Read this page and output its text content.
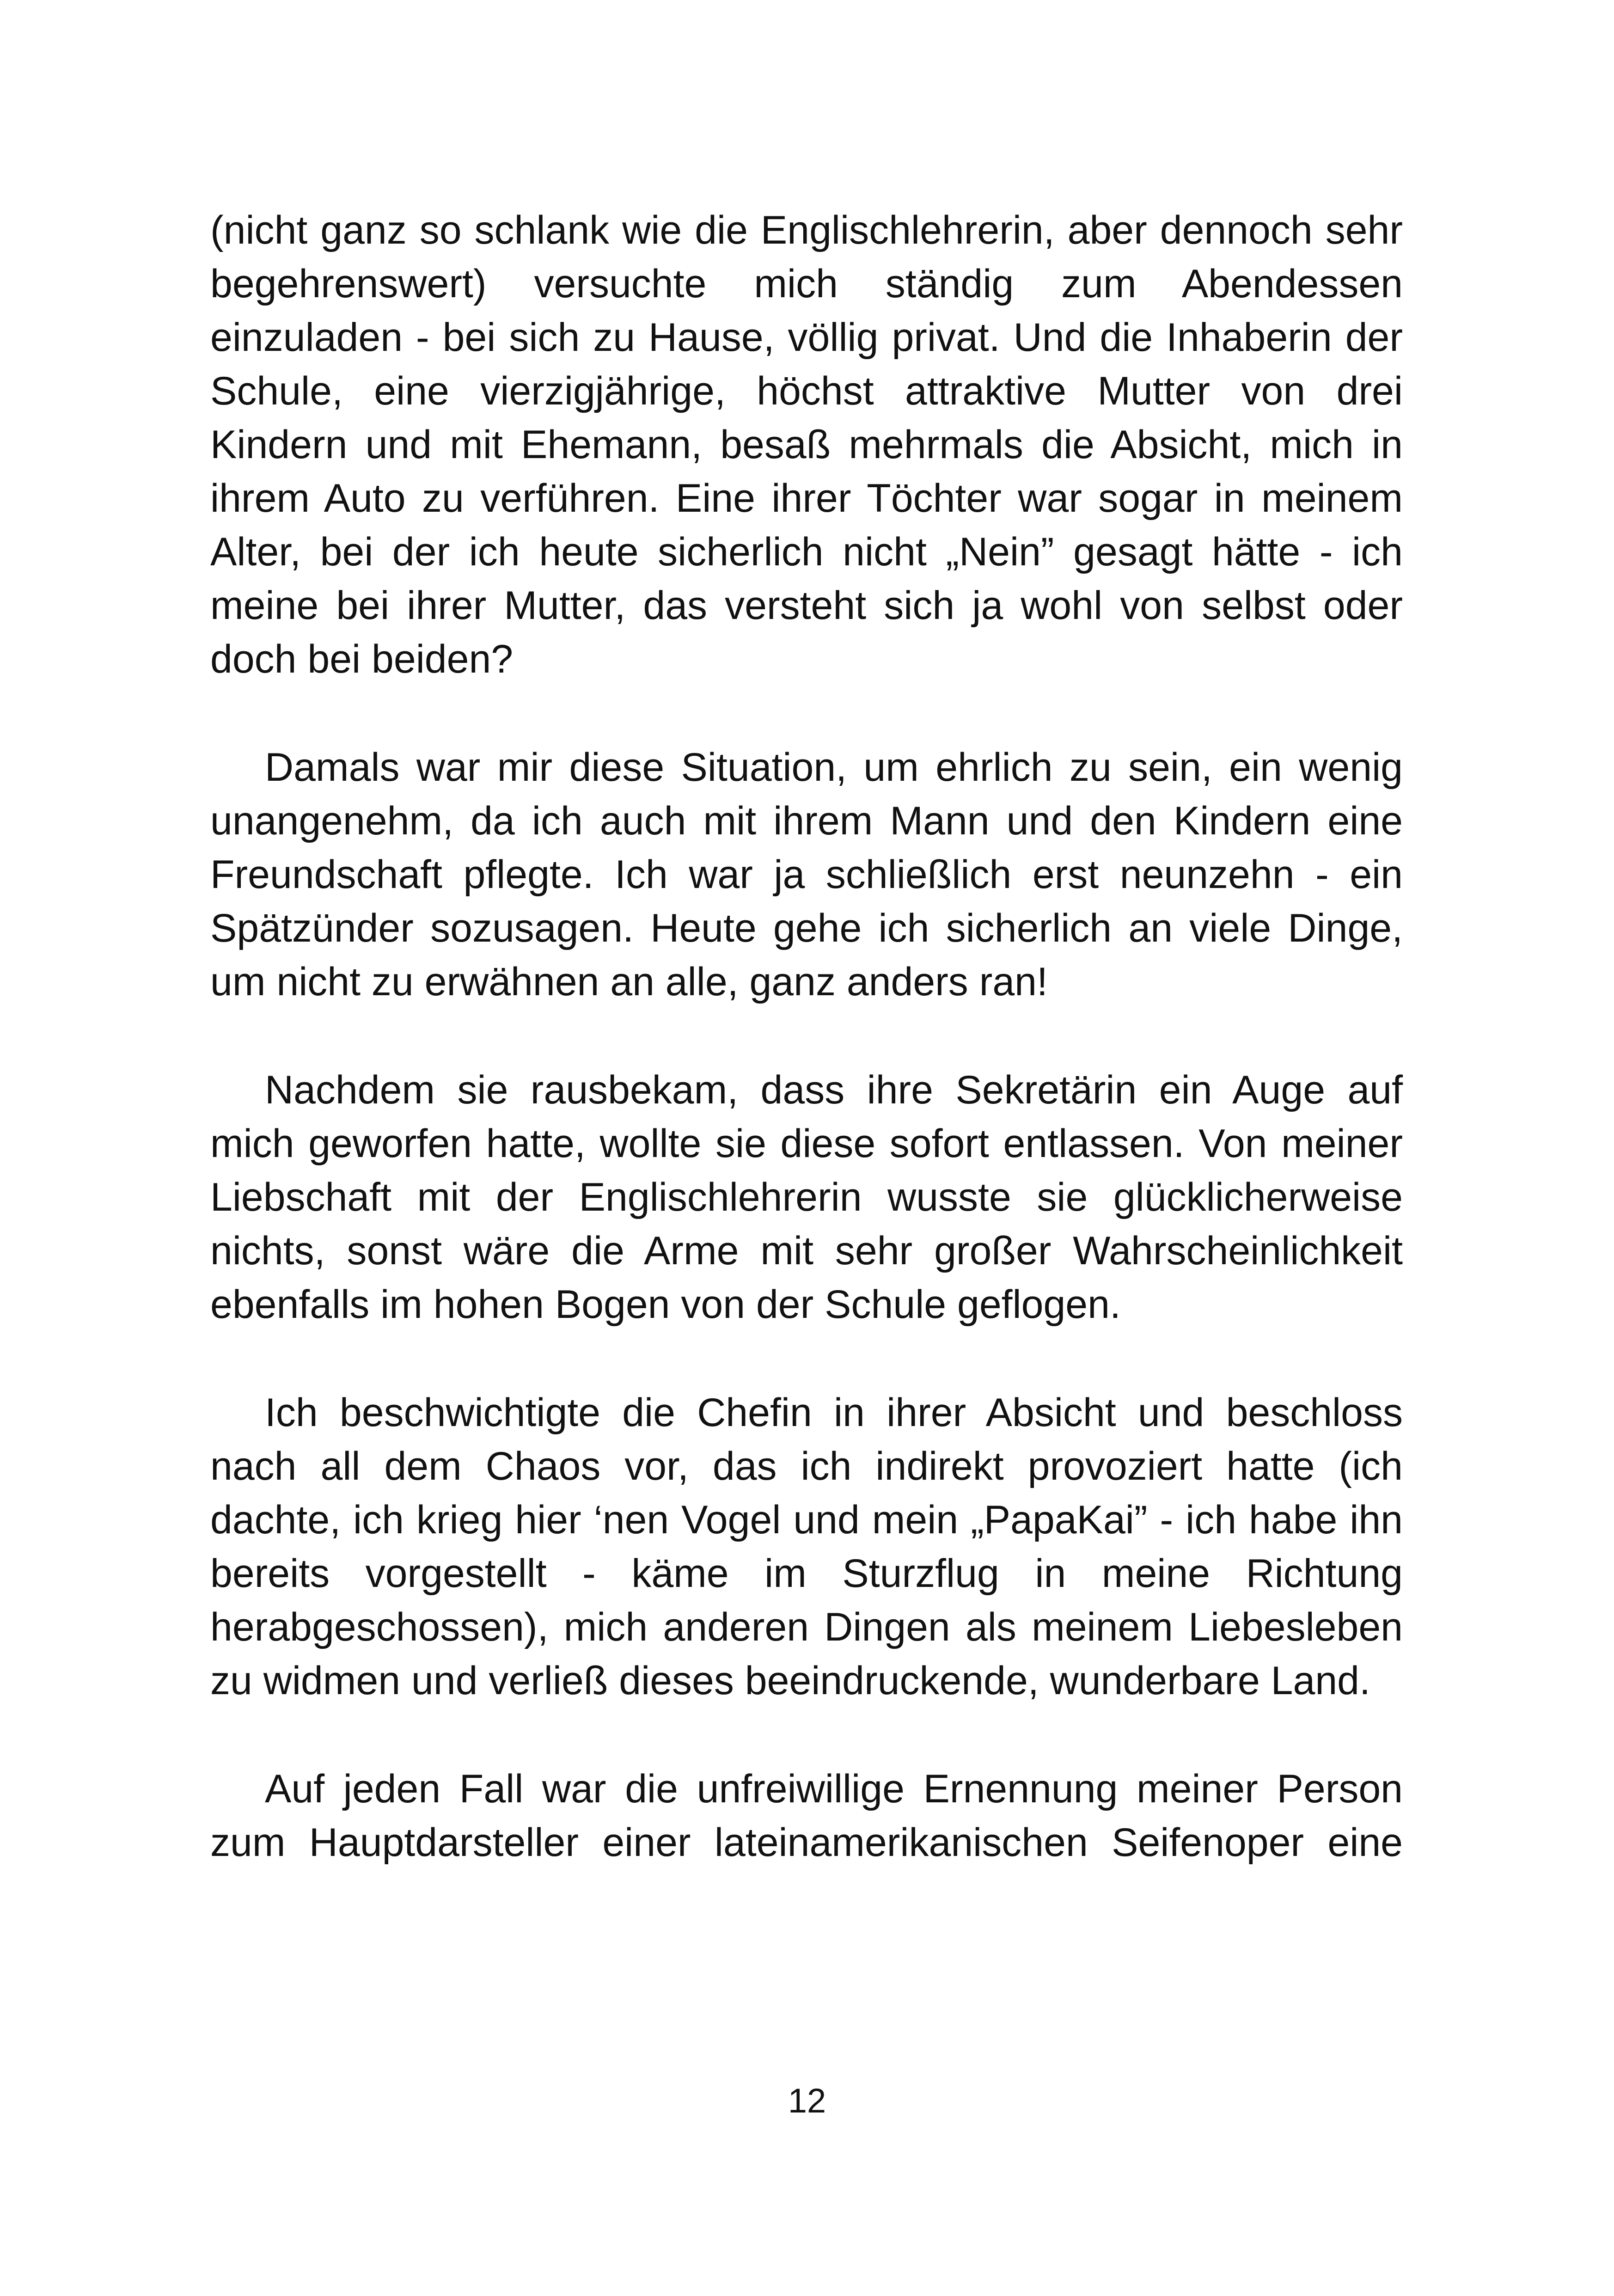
(nicht ganz so schlank wie die Englischlehrerin, aber dennoch sehr begehrenswert) versuchte mich ständig zum Abendessen einzuladen - bei sich zu Hause, völlig privat. Und die Inhaberin der Schule, eine vierzigjährige, höchst attraktive Mutter von drei Kindern und mit Ehemann, besaß mehrmals die Absicht, mich in ihrem Auto zu verführen. Eine ihrer Töchter war sogar in meinem Alter, bei der ich heute sicherlich nicht „Nein” gesagt hätte - ich meine bei ihrer Mutter, das versteht sich ja wohl von selbst oder doch bei beiden?

Damals war mir diese Situation, um ehrlich zu sein, ein wenig unangenehm, da ich auch mit ihrem Mann und den Kindern eine Freundschaft pflegte. Ich war ja schließlich erst neunzehn - ein Spätzünder sozusagen. Heute gehe ich sicherlich an viele Dinge, um nicht zu erwähnen an alle, ganz anders ran!

Nachdem sie rausbekam, dass ihre Sekretärin ein Auge auf mich geworfen hatte, wollte sie diese sofort entlassen. Von meiner Liebschaft mit der Englischlehrerin wusste sie glücklicherweise nichts, sonst wäre die Arme mit sehr großer Wahrscheinlichkeit ebenfalls im hohen Bogen von der Schule geflogen.

Ich beschwichtigte die Chefin in ihrer Absicht und beschloss nach all dem Chaos vor, das ich indirekt provoziert hatte (ich dachte, ich krieg hier ‘nen Vogel und mein „PapaKai” - ich habe ihn bereits vorgestellt - käme im Sturzflug in meine Richtung herabgeschossen), mich anderen Dingen als meinem Liebesleben zu widmen und verließ dieses beeindruckende, wunderbare Land.

Auf jeden Fall war die unfreiwillige Ernennung meiner Person zum Hauptdarsteller einer lateinamerikanischen Seifenoper eine

12
